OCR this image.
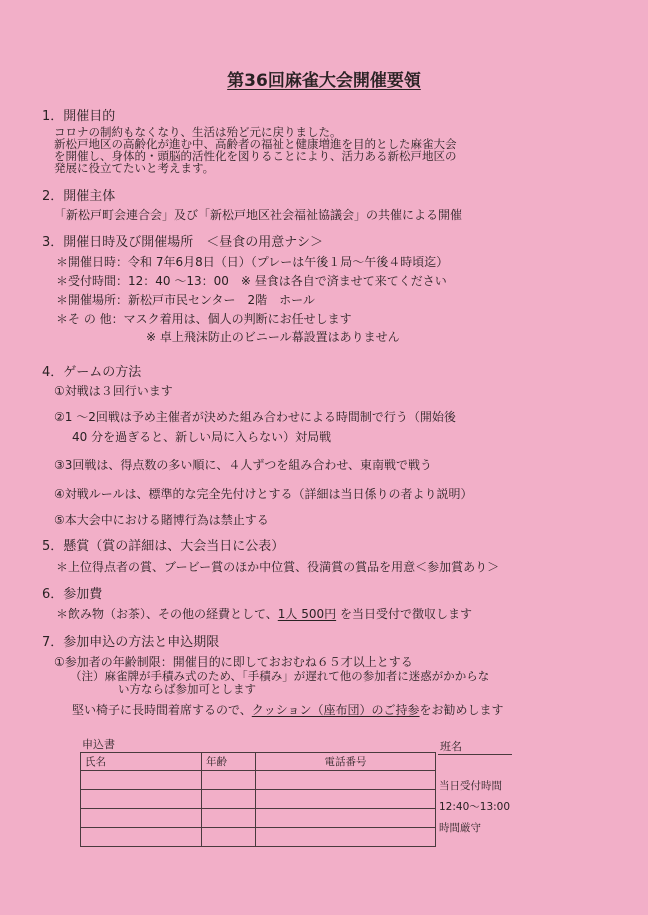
第36回麻雀大会開催要領
1．開催目的
コロナの制約もなくなり、生活は殆ど元に戻りました。
新松戸地区の高齢化が進む中、高齢者の福祉と健康増進を目的とした麻雀大会
を開催し、身体的・頭脳的活性化を図りることにより、活力ある新松戸地区の
発展に役立てたいと考えます。
2．開催主体
「新松戸町会連合会」及び「新松戸地区社会福祉協議会」の共催による開催
3．開催日時及び開催場所　＜昼食の用意ナシ＞
＊開催日時：令和 7年6月8日（日）（プレーは午後１局～午後４時頃迄）
＊受付時間：12：40 ～13：00　※ 昼食は各自で済ませて来てください
＊開催場所：新松戸市民センター　2階　ホール
＊そ の 他：マスク着用は、個人の判断にお任せします
※ 卓上飛沫防止のビニール幕設置はありません
4．ゲームの方法
①対戦は３回行います
②1 ～2回戦は予め主催者が決めた組み合わせによる時間制で行う（開始後
40 分を過ぎると、新しい局に入らない）対局戦
③3回戦は、得点数の多い順に、４人ずつを組み合わせ、東南戦で戦う
④対戦ルールは、標準的な完全先付けとする（詳細は当日係りの者より説明）
⑤本大会中における賭博行為は禁止する
5．懸賞（賞の詳細は、大会当日に公表）
＊上位得点者の賞、ブービー賞のほか中位賞、役満賞の賞品を用意＜参加賞あり＞
6．参加費
＊飲み物（お茶）、その他の経費として、1人 500円 を当日受付で徴収します
7．参加申込の方法と申込期限
①参加者の年齢制限：開催目的に即しておおむね６５才以上とする
（注）麻雀牌が手積み式のため、「手積み」が遅れて他の参加者に迷惑がかからな
い方ならば参加可とします
堅い椅子に長時間着席するので、クッション（座布団）のご持参をお勧めします
申込書	班名
氏名	年齢	電話番号

当日受付時間
12:40～13:00
時間厳守
